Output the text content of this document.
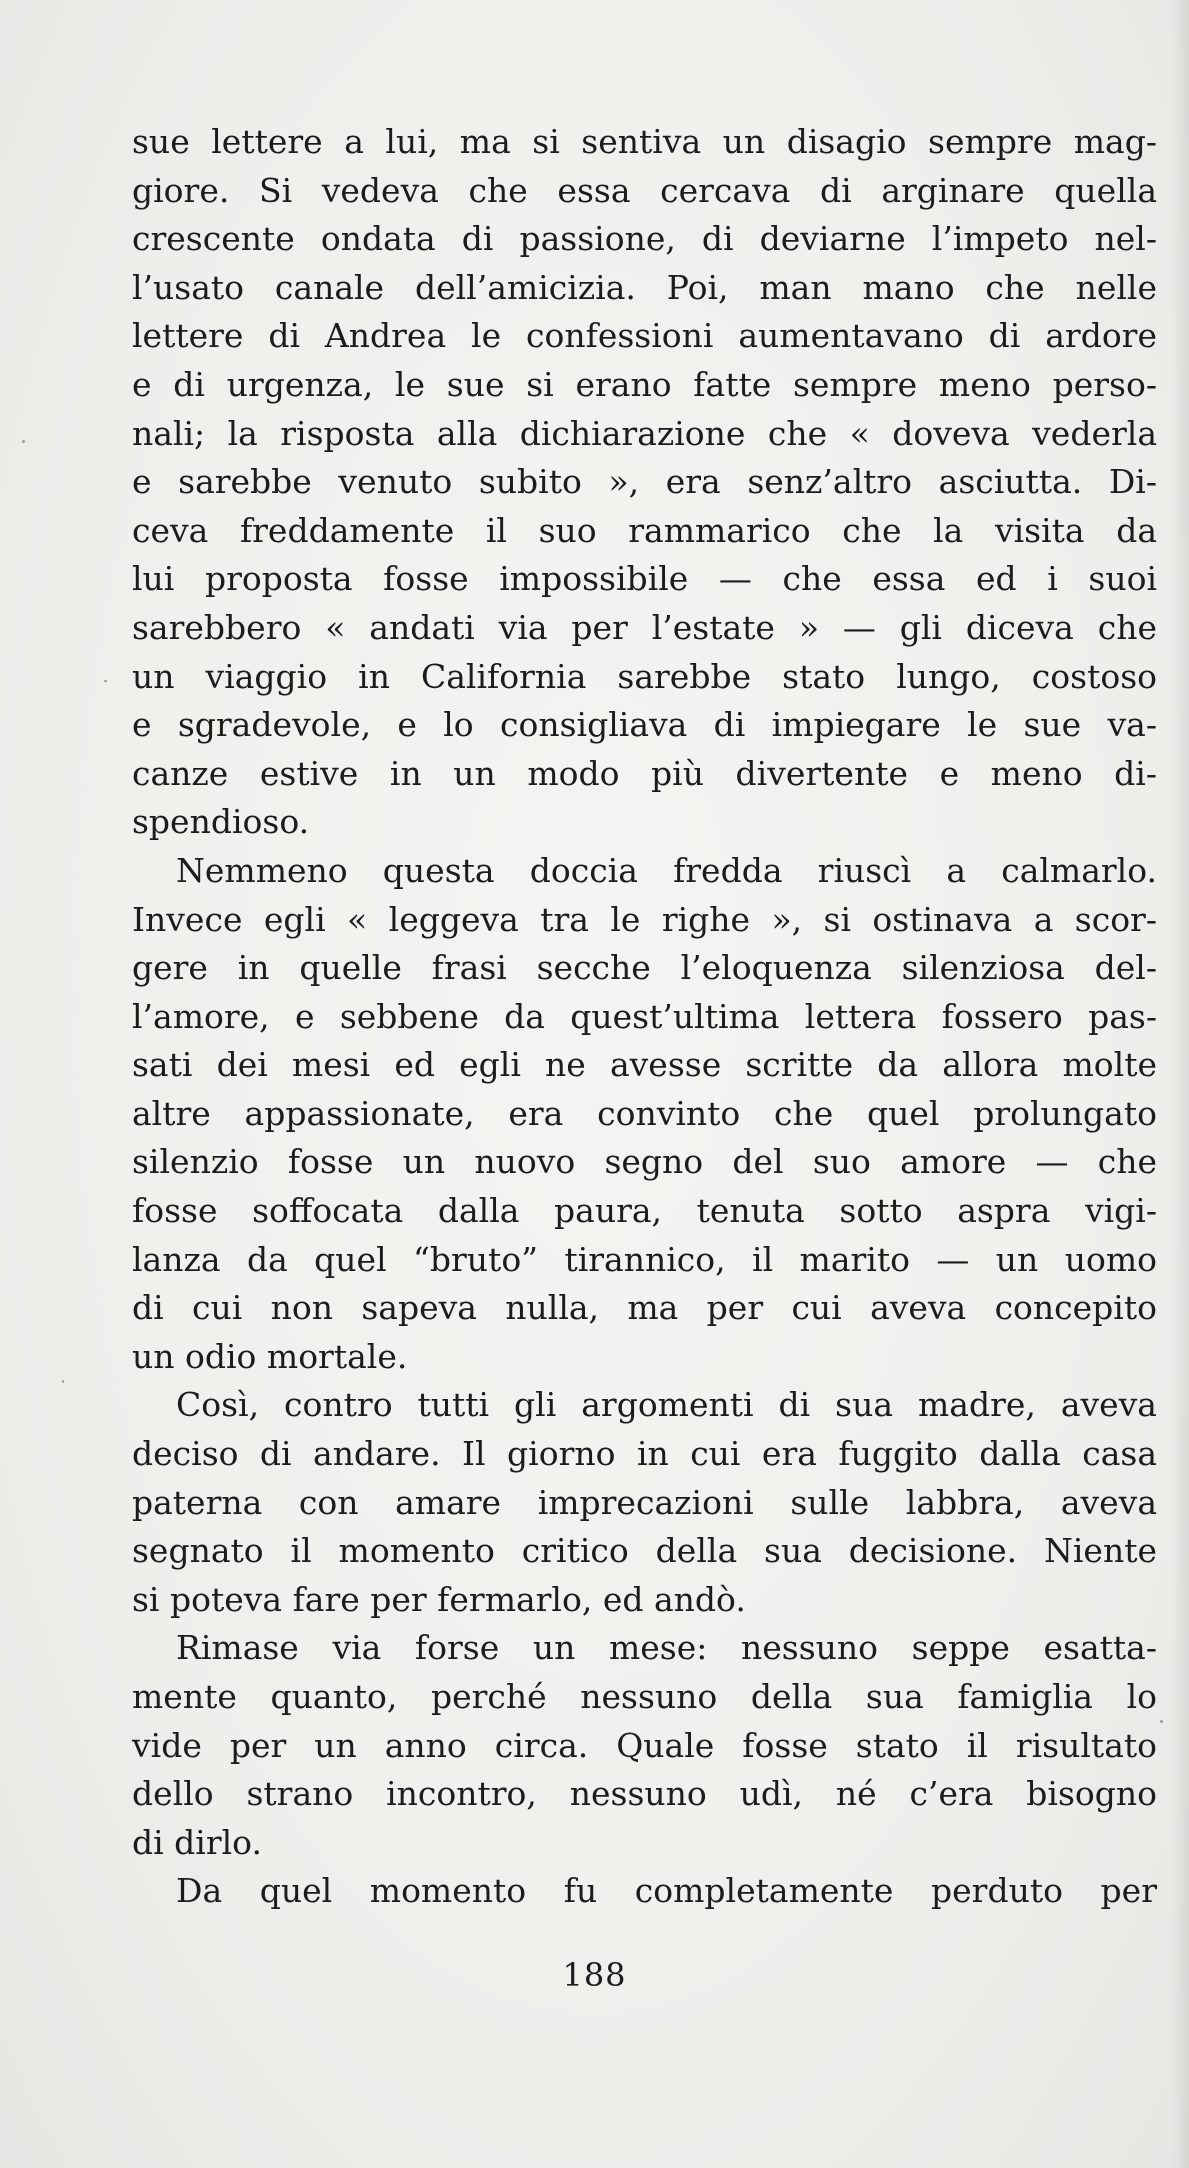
sue lettere a lui, ma si sentiva un disagio sempre mag-
giore. Si vedeva che essa cercava di arginare quella
crescente ondata di passione, di deviarne l’impeto nel-
l’usato canale dell’amicizia. Poi, man mano che nelle
lettere di Andrea le confessioni aumentavano di ardore
e di urgenza, le sue si erano fatte sempre meno perso-
nali; la risposta alla dichiarazione che « doveva vederla
e sarebbe venuto subito », era senz’altro asciutta. Di-
ceva freddamente il suo rammarico che la visita da
lui proposta fosse impossibile — che essa ed i suoi
sarebbero « andati via per l’estate » — gli diceva che
un viaggio in California sarebbe stato lungo, costoso
e sgradevole, e lo consigliava di impiegare le sue va-
canze estive in un modo più divertente e meno di-
spendioso.
Nemmeno questa doccia fredda riuscì a calmarlo.
Invece egli « leggeva tra le righe », si ostinava a scor-
gere in quelle frasi secche l’eloquenza silenziosa del-
l’amore, e sebbene da quest’ultima lettera fossero pas-
sati dei mesi ed egli ne avesse scritte da allora molte
altre appassionate, era convinto che quel prolungato
silenzio fosse un nuovo segno del suo amore — che
fosse soffocata dalla paura, tenuta sotto aspra vigi-
lanza da quel “bruto” tirannico, il marito — un uomo
di cui non sapeva nulla, ma per cui aveva concepito
un odio mortale.
Così, contro tutti gli argomenti di sua madre, aveva
deciso di andare. Il giorno in cui era fuggito dalla casa
paterna con amare imprecazioni sulle labbra, aveva
segnato il momento critico della sua decisione. Niente
si poteva fare per fermarlo, ed andò.
Rimase via forse un mese: nessuno seppe esatta-
mente quanto, perché nessuno della sua famiglia lo
vide per un anno circa. Quale fosse stato il risultato
dello strano incontro, nessuno udì, né c’era bisogno
di dirlo.
Da quel momento fu completamente perduto per
188
